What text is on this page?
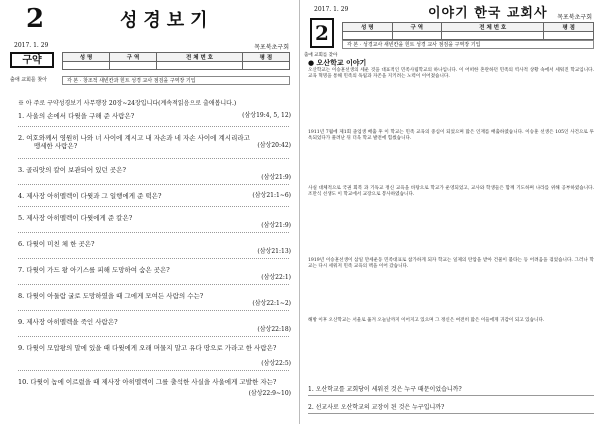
2	성경보기
2017. 1. 29	목포북초구회
구약
출애 교회를 찾아
성 명	구 역	전 체 번 호	평 점

각 본 · 창조적 새빈칸과 힌트 성경 교사 점검을 구역장 기입
※ 아 주로 구약성경보기 사무행장 20장~24장입니다(계속적읽음으로 출애봅니다.)
1. 사울의 손에서 다윗을 구해 준 사람은?	(삼상19:4, 5, 12)
2. 여호와께서 영원히 나와 너 사이에 계시고 내 자손과 네 자손 사이에 계시리라고
맹세한 사람은?	(삼상20:42)
3. 골리앗의 칼이 보관되어 있던 곳은?
(삼상21:9)
4. 제사장 아히멜렉이 다윗과 그 일행에게 준 떡은?	(삼상21:1~6)
5. 제사장 아히멜렉이 다윗에게 준 칼은?
(삼상21:9)
6. 다윗이 미친 체 한 곳은?
(삼상21:13)
7. 다윗이 가드 왕 아기스를 피해 도망하여 숨은 곳은?
(삼상22:1)
8. 다윗이 아둘람 굴로 도망하였을 때 그에게 모여든 사람의 수는?
(삼상22:1~2)
9. 제사장 아히멜렉을 죽인 사람은?
(삼상22:18)
9. 다윗이 모압왕의 말에 있을 때 다윗에게 오래 머물지 말고 유다 땅으로 가라고 한 사람은?
(삼상22:5)
10. 다윗이 놉에 이르렀을 때 제사장 아히멜렉이 그를 출석한 사실을 사울에게 고발한 자는?
(삼상22:9~10)
2017. 1. 29	이야기 한국 교회사 목포북초구회
2
출애 교회를 찾아
성 명	구 역	전 체 번 호	평 점

각 본 · 성경교사 새빈칸을 힌트 성경 교사 점검을 구역장 기입
● 오산학교 이야기
오산학교는 이승훈선생의 세운 것을 대표적인 민족사립학교의 하나입니다. 이 어떠한 혼란하던 민족의 역사적 상황 속에서 세워진 학교입니다. 교육 혁명을 통해 민족의 독립과 자존을 지키려는 노력이 이어졌습니다.
1911년 7월에 제1회 졸업생 배출 후 이 학교는 민족 교육의 중심이 되었으며 많은 인재를 배출하였습니다. 이승훈 선생은 105인 사건으로 투옥되었다가 풀려난 뒤 더욱 학교 발전에 힘썼습니다.
사실 대체적으로 국권 회복 과 기독교 정신 교육을 바탕으로 학교가 운영되었고, 교사와 학생들은 함께 기도하며 나라를 위해 공부하였습니다. 조만식 선생도 이 학교에서 교장으로 봉사하였습니다.
1919년 이승훈선생이 삼일 만세운동 민족대표로 참가하게 되자 학교는 일제의 탄압을 받아 건물이 불타는 등 어려움을 겪었습니다. 그러나 학교는 다시 세워져 민족 교육의 맥을 이어 갔습니다.
해방 이후 오산학교는 서울로 옮겨 오늘날까지 이어지고 있으며 그 정신은 여전히 많은 이들에게 귀감이 되고 있습니다.
1. 오산학교를 교회당이 세워진 것은 누구 때문이었습니까?
2. 선교사로 오산학교의 교장이 된 것은 누구입니까?
